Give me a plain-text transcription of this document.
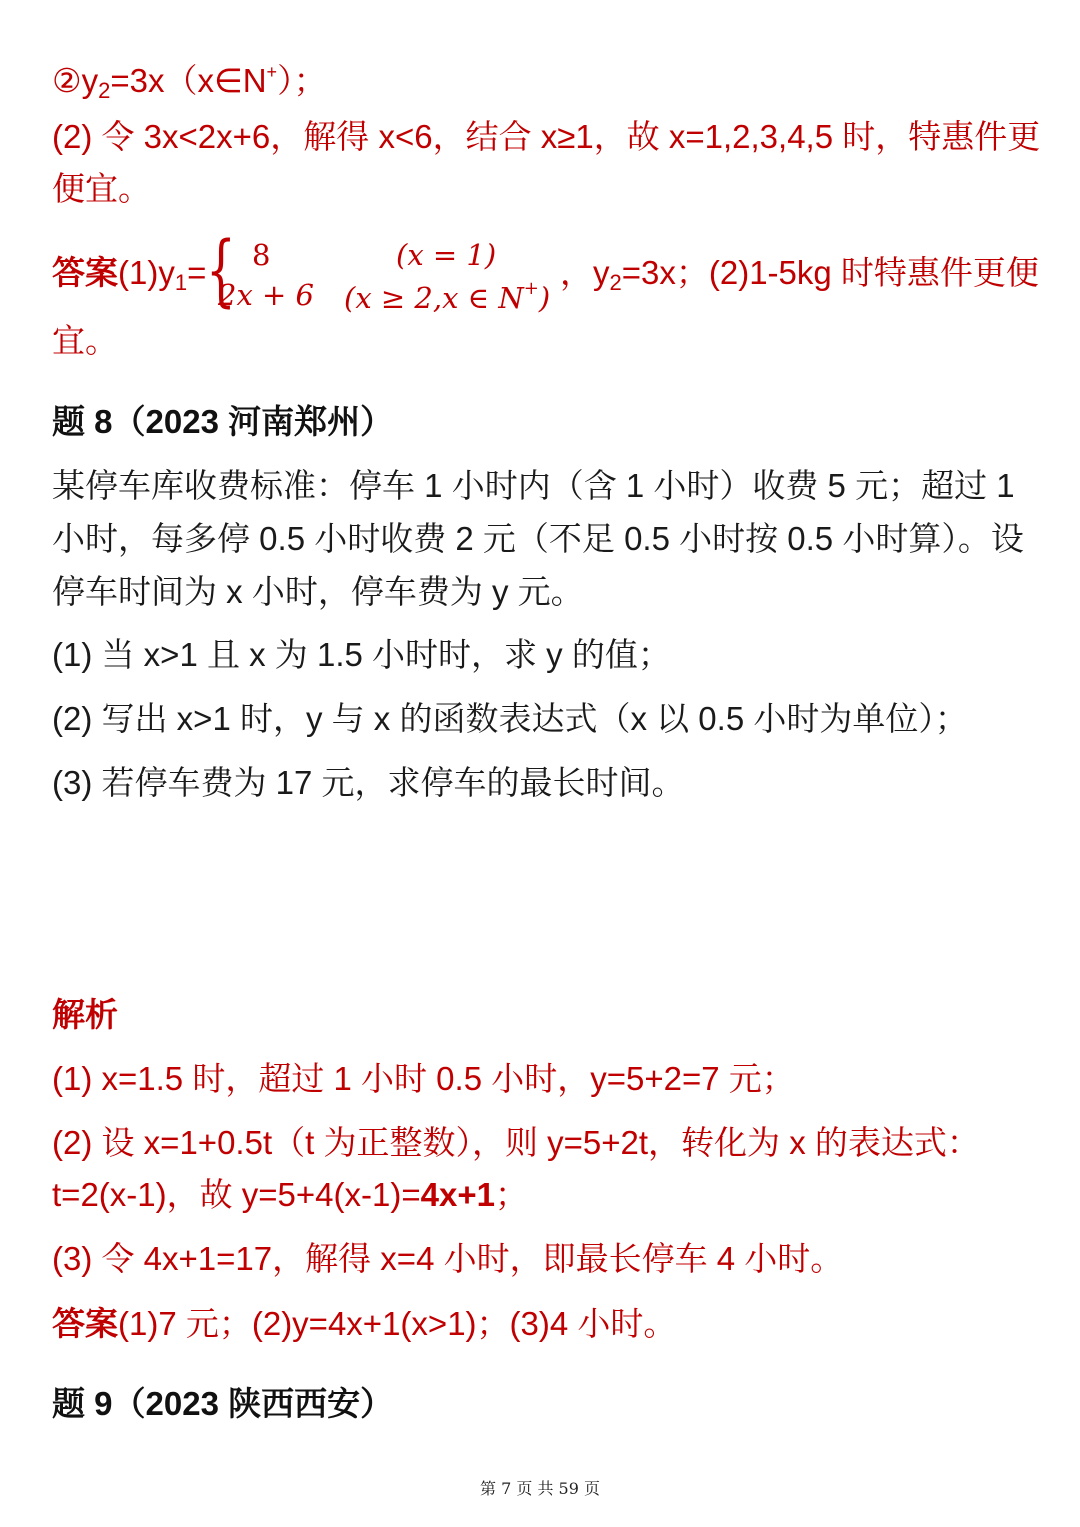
$②y_2=3x(x\in N^+)$；
(2) 令 3x<2x+6，解得 x<6，结合 x≥1，故 x=1,2,3,4,5 时，特惠件更
便宜。
答案$(1)y_1=$ { 8	(x = 1)
2x + 6 (x ≥ 2,x ∈ N+)
，$y_2=3x$；(2)1-5kg 时特惠件更便
宜。
题 8（2023 河南郑州）
某停车库收费标准：停车 1 小时内（含 1 小时）收费 5 元；超过 1
小时，每多停 0.5 小时收费 2 元（不足 0.5 小时按 0.5 小时算）。设
停车时间为 x 小时，停车费为 y 元。
(1) 当 x>1 且 x 为 1.5 小时时，求 y 的值；
(2) 写出 x>1 时，y 与 x 的函数表达式（x 以 0.5 小时为单位）；
(3) 若停车费为 17 元，求停车的最长时间。
解析
(1) x=1.5 时，超过 1 小时 0.5 小时，y=5+2=7 元；
(2) 设 x=1+0.5t（t 为正整数），则 y=5+2t，转化为 x 的表达式：
t=2(x-1)，故 y=5+4(x-1)=4x+1；
(3) 令 4x+1=17，解得 x=4 小时，即最长停车 4 小时。
答案(1)7 元；(2)y=4x+1(x>1)；(3)4 小时。
题 9（2023 陕西西安）
第 7 页 共 59 页
